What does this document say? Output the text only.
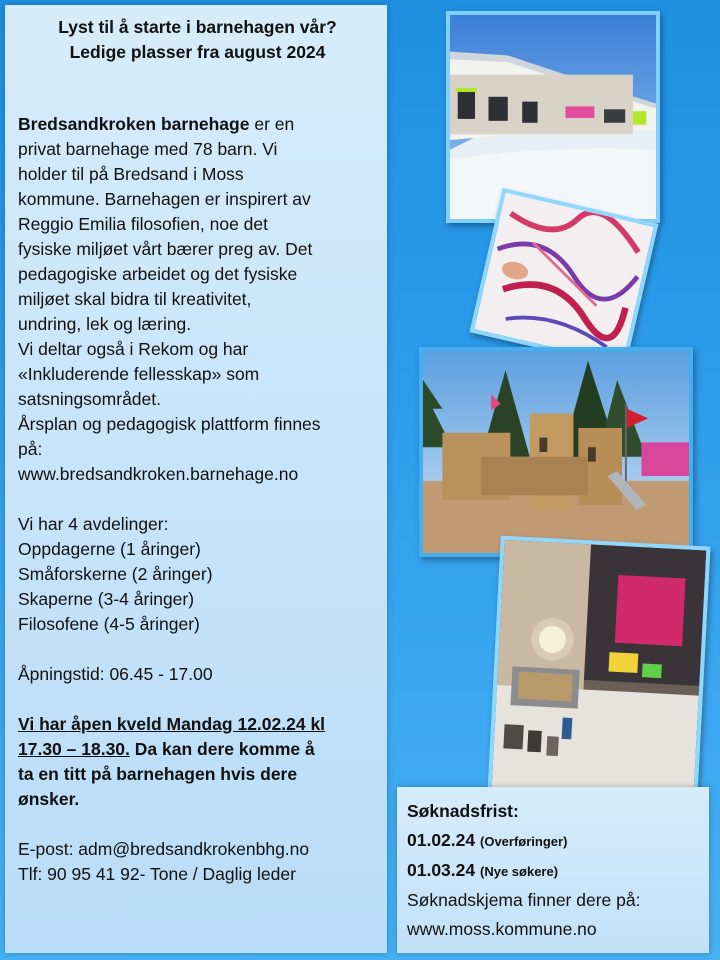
Lyst til å starte i barnehagen vår?

Ledige plasser fra august 2024

Bredsandkroken barnehage er en

privat barnehage med 78 barn. Vi

holder til på Bredsand i Moss

kommune. Barnehagen er inspirert av

Reggio Emilia filosofien, noe det

fysiske miljøet vårt bærer preg av. Det

pedagogiske arbeidet og det fysiske

miljøet skal bidra til kreativitet,

undring, lek og læring.

Vi deltar også i Rekom og har

«Inkluderende fellesskap» som

satsningsområdet.

Årsplan og pedagogisk plattform finnes

på:

www.bredsandkroken.barnehage.no

Vi har 4 avdelinger:

Oppdagerne (1 åringer)

Småforskerne (2 åringer)

Skaperne (3-4 åringer)

Filosofene (4-5 åringer)

Åpningstid: 06.45 - 17.00

Vi har åpen kveld Mandag 12.02.24 kl

17.30 – 18.30. Da kan dere komme å

ta en titt på barnehagen hvis dere

ønsker.

E-post: adm@bredsandkrokenbhg.no

Tlf: 90 95 41 92- Tone / Daglig leder

Søknadsfrist:
01.02.24 (Overføringer)
01.03.24 (Nye søkere)
Søknadskjema finner dere på:
www.moss.kommune.no
